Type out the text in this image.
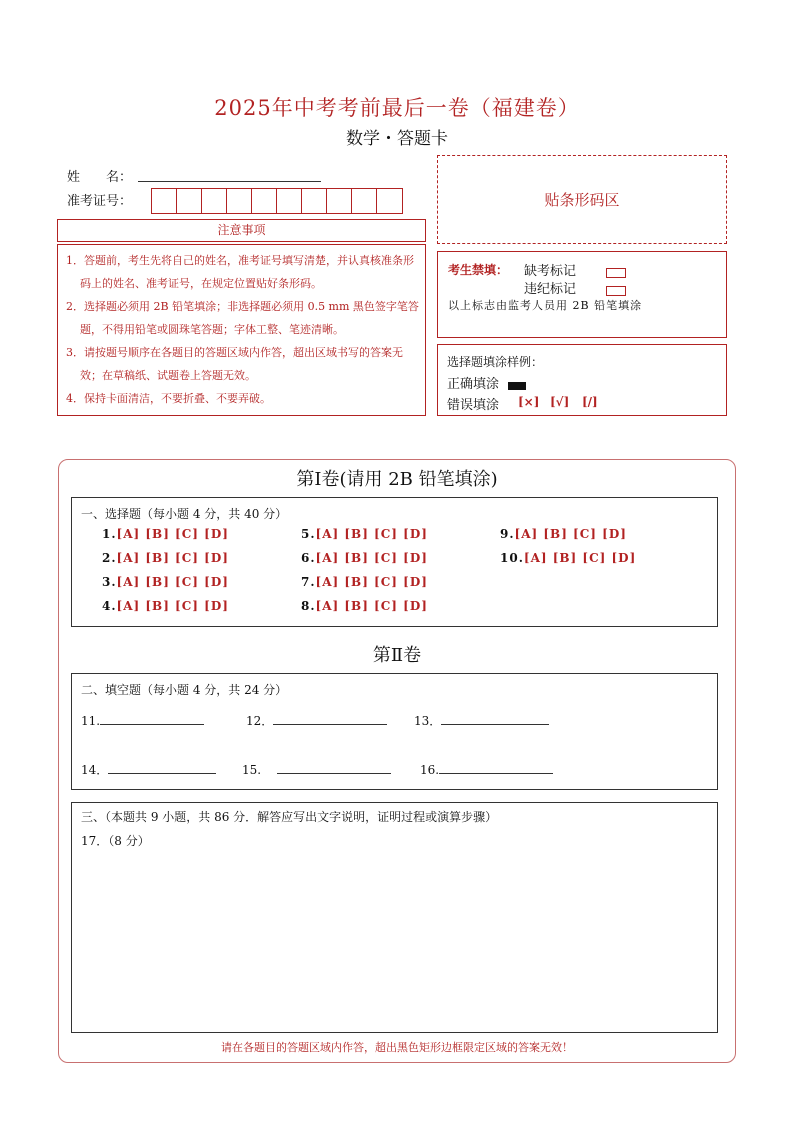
2025年中考考前最后一卷（福建卷）
数学・答题卡
姓　　名：
准考证号：	贴条形码区
注意事项
1．答题前，考生先将自己的姓名，准考证号填写清楚，并认真核准条形码上的姓名、准考证号，在规定位置贴好条形码。
2．选择题必须用 2B 铅笔填涂；非选择题必须用 0.5 mm 黑色签字笔答题，不得用铅笔或圆珠笔答题；字体工整、笔迹清晰。
3．请按题号顺序在各题目的答题区域内作答，超出区域书写的答案无效；在草稿纸、试题卷上答题无效。
4．保持卡面清洁，不要折叠、不要弄破。
考生禁填： 缺考标记
违纪标记
以上标志由监考人员用 2B 铅笔填涂
选择题填涂样例：
正确填涂
错误填涂 [×] [√] [/]
第Ⅰ卷(请用 2B 铅笔填涂)
一、选择题（每小题 4 分，共 40 分）
1.[A] [B] [C] [D]
2.[A] [B] [C] [D]
3.[A] [B] [C] [D]
4.[A] [B] [C] [D]
5.[A] [B] [C] [D]
6.[A] [B] [C] [D]
7.[A] [B] [C] [D]
8.[A] [B] [C] [D]
9.[A] [B] [C] [D]
10.[A] [B] [C] [D]
第Ⅱ卷
二、填空题（每小题 4 分，共 24 分）
11.	12．	13．
14．	15.	16.
三、（本题共 9 小题，共 86 分．解答应写出文字说明，证明过程或演算步骤）
17．（8 分）
请在各题目的答题区域内作答，超出黑色矩形边框限定区域的答案无效！
